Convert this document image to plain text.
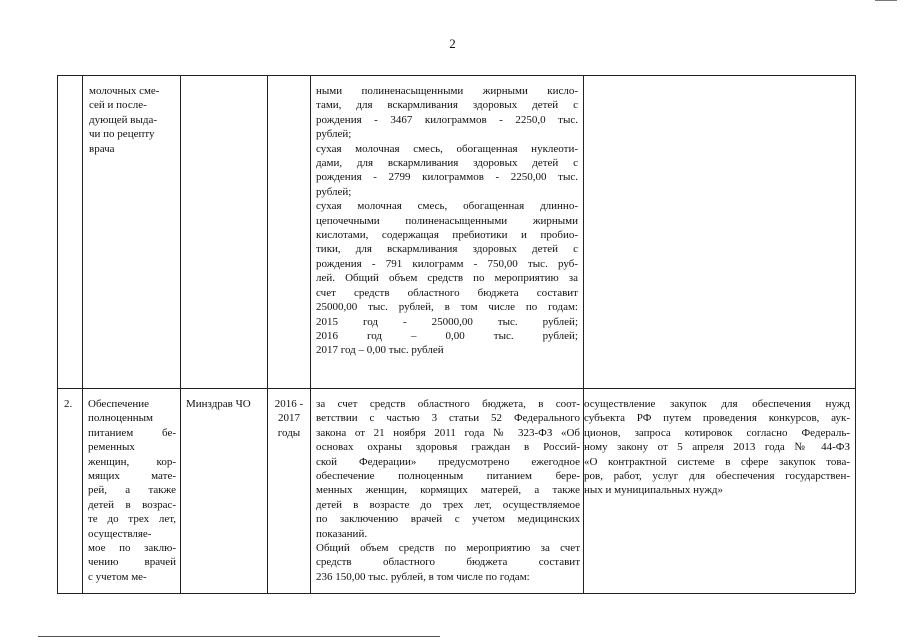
2
молочных сме-
сей и после-
дующей выда-
чи по рецепту
врача
ными полиненасыщенными жирными кисло-
тами, для вскармливания здоровых детей с
рождения - 3467 килограммов - 2250,0 тыс.
рублей;
сухая молочная смесь, обогащенная нуклеоти-
дами, для вскармливания здоровых детей с
рождения - 2799 килограммов - 2250,00 тыс.
рублей;
сухая молочная смесь, обогащенная длинно-
цепочечными полиненасыщенными жирными
кислотами, содержащая пребиотики и пробио-
тики, для вскармливания здоровых детей с
рождения - 791 килограмм - 750,00 тыс. руб-
лей. Общий объем средств по мероприятию за
счет средств областного бюджета составит
25000,00 тыс. рублей, в том числе по годам:
2015 год - 25000,00 тыс. рублей;
2016 год – 0,00 тыс. рублей;
2017 год – 0,00 тыс. рублей
2.	Обеспечение
полноценным
питанием бе-
ременных
женщин, кор-
мящих мате-
рей, а также
детей в возрас-
те до трех лет,
осуществляе-
мое по заклю-
чению врачей
с учетом ме-
Минздрав ЧО	2016 -
2017
годы
за счет средств областного бюджета, в соот-
ветствии с частью 3 статьи 52 Федерального
закона от 21 ноября 2011 года № 323-ФЗ «Об
основах охраны здоровья граждан в Россий-
ской Федерации» предусмотрено ежегодное
обеспечение полноценным питанием бере-
менных женщин, кормящих матерей, а также
детей в возрасте до трех лет, осуществляемое
по заключению врачей с учетом медицинских
показаний.
Общий объем средств по мероприятию за счет
средств областного бюджета составит
236 150,00 тыс. рублей, в том числе по годам:
осуществление закупок для обеспечения нужд
субъекта РФ путем проведения конкурсов, аук-
ционов, запроса котировок согласно Федераль-
ному закону от 5 апреля 2013 года № 44-ФЗ
«О контрактной системе в сфере закупок това-
ров, работ, услуг для обеспечения государствен-
ных и муниципальных нужд»
